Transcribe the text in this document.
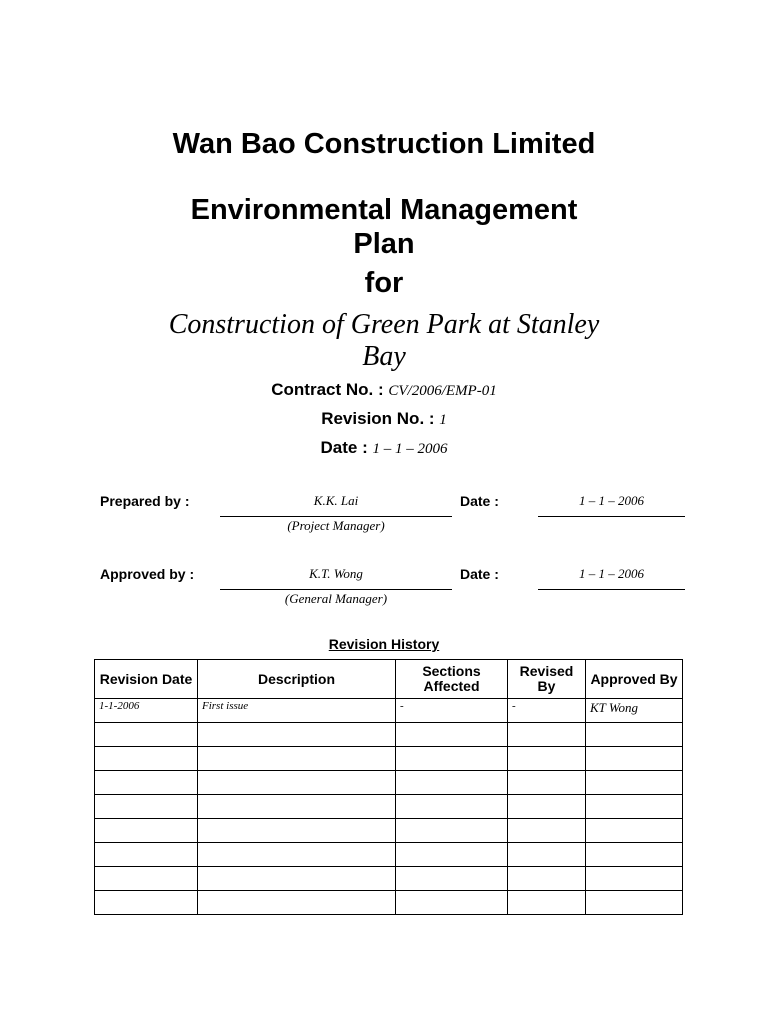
Wan Bao Construction Limited
Environmental Management Plan
for
Construction of Green Park at Stanley Bay
Contract No. : CV/2006/EMP-01
Revision No. : 1
Date : 1 – 1 – 2006
Prepared by :	K.K. Lai
(Project Manager)
Date :	1 – 1 – 2006
Approved by :	K.T. Wong
(General Manager)
Date :	1 – 1 – 2006
Revision History
Revision Date	Description	Sections Affected	Revised By	Approved By
1-1-2006	First issue	-	-	KT Wong
